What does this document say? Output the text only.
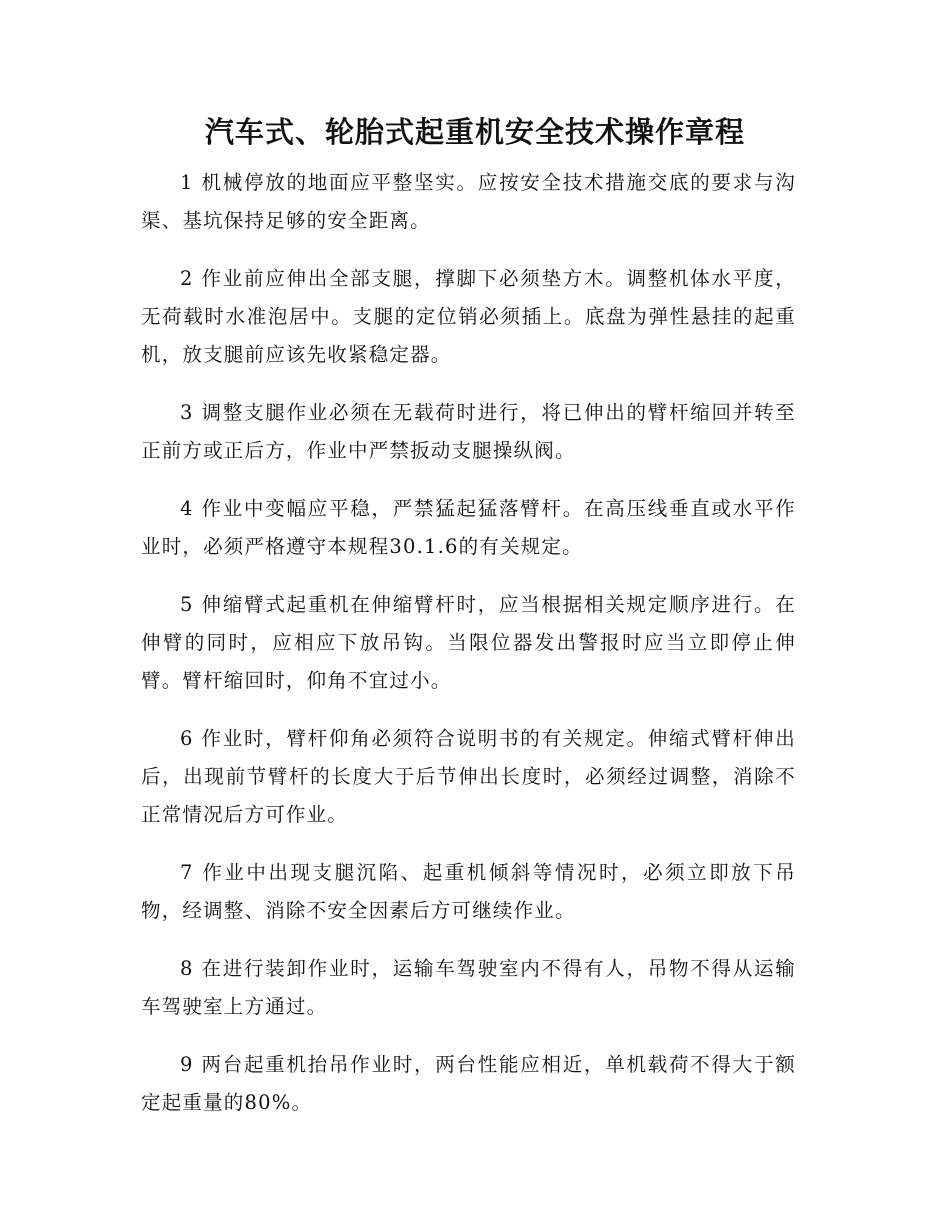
汽车式、轮胎式起重机安全技术操作章程

1 机械停放的地面应平整坚实。应按安全技术措施交底的要求与沟渠、基坑保持足够的安全距离。

2 作业前应伸出全部支腿，撑脚下必须垫方木。调整机体水平度，无荷载时水准泡居中。支腿的定位销必须插上。底盘为弹性悬挂的起重机，放支腿前应该先收紧稳定器。

3 调整支腿作业必须在无载荷时进行，将已伸出的臂杆缩回并转至正前方或正后方，作业中严禁扳动支腿操纵阀。

4 作业中变幅应平稳，严禁猛起猛落臂杆。在高压线垂直或水平作业时，必须严格遵守本规程30.1.6的有关规定。

5 伸缩臂式起重机在伸缩臂杆时，应当根据相关规定顺序进行。在伸臂的同时，应相应下放吊钩。当限位器发出警报时应当立即停止伸臂。臂杆缩回时，仰角不宜过小。

6 作业时，臂杆仰角必须符合说明书的有关规定。伸缩式臂杆伸出后，出现前节臂杆的长度大于后节伸出长度时，必须经过调整，消除不正常情况后方可作业。

7 作业中出现支腿沉陷、起重机倾斜等情况时，必须立即放下吊物，经调整、消除不安全因素后方可继续作业。

8 在进行装卸作业时，运输车驾驶室内不得有人，吊物不得从运输车驾驶室上方通过。

9 两台起重机抬吊作业时，两台性能应相近，单机载荷不得大于额定起重量的80%。
